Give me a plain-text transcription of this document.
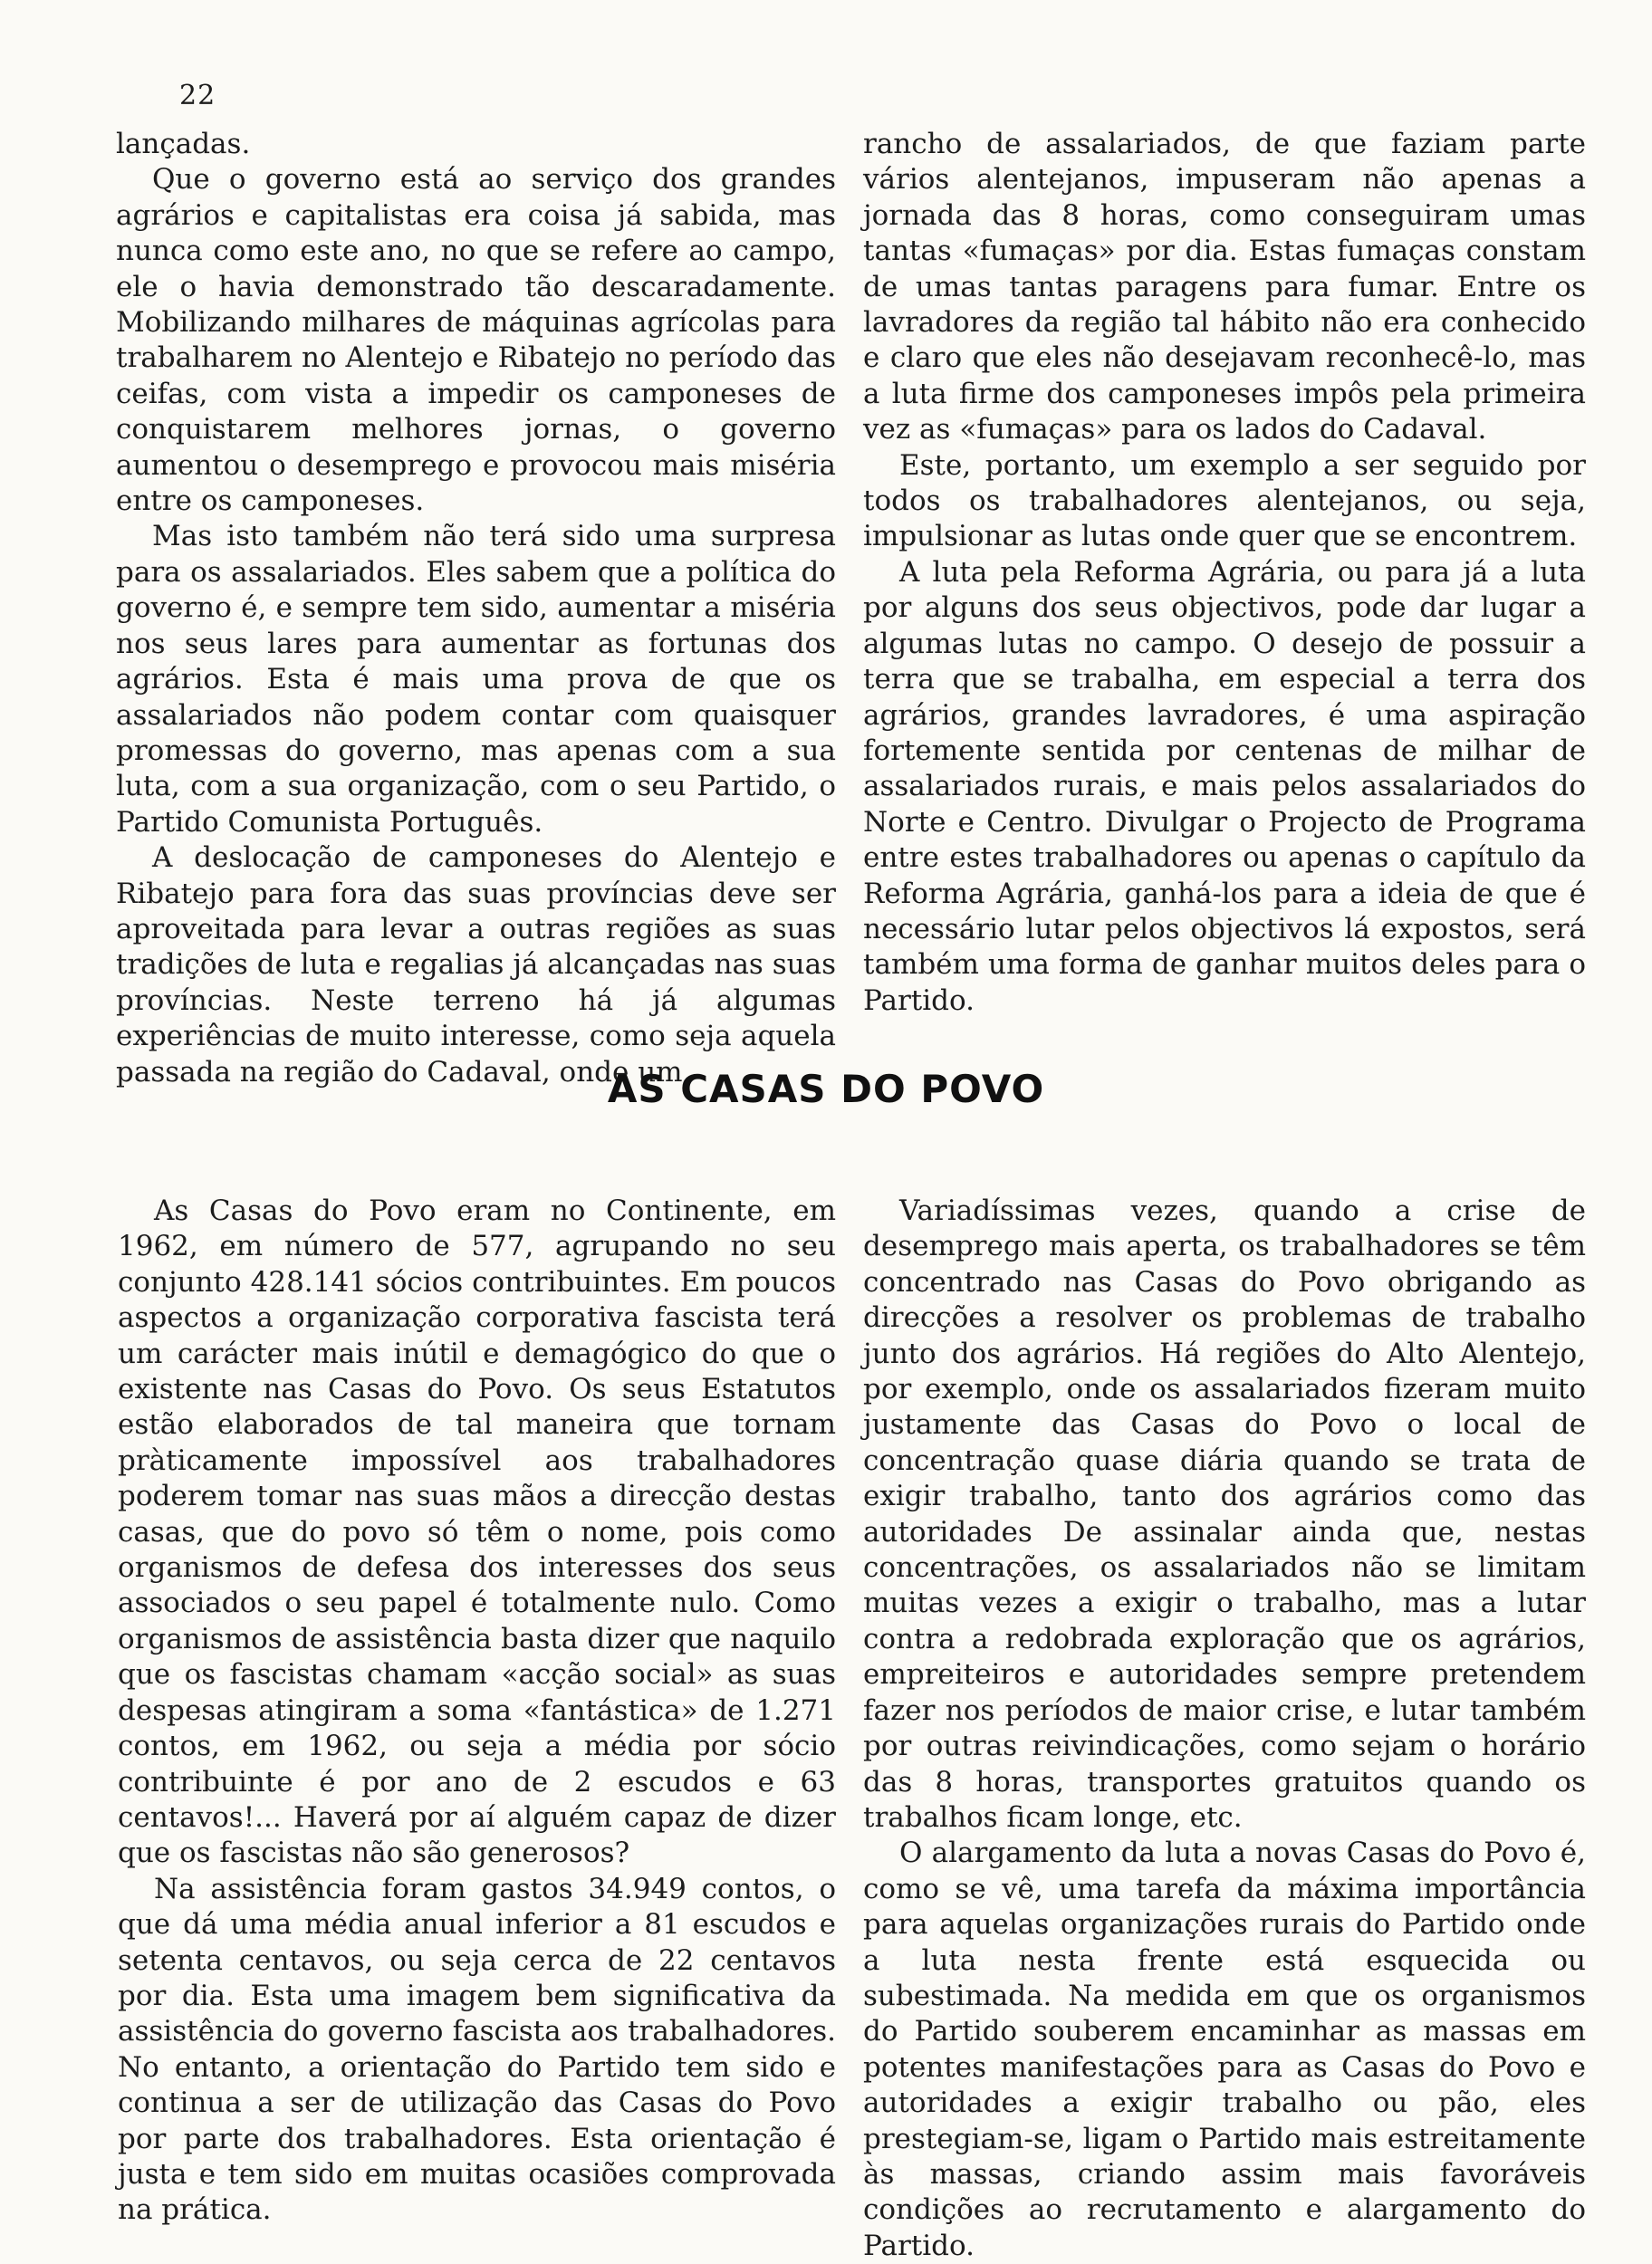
22

lançadas.

Que o governo está ao serviço dos grandes agrários e capitalistas era coisa já sabida, mas nunca como este ano, no que se refere ao campo, ele o havia demonstrado tão descaradamente. Mobilizando milhares de máquinas agrícolas para trabalharem no Alentejo e Ribatejo no período das ceifas, com vista a impedir os camponeses de conquistarem melhores jornas, o governo aumentou o desemprego e provocou mais miséria entre os camponeses.

Mas isto também não terá sido uma surpresa para os assalariados. Eles sabem que a política do governo é, e sempre tem sido, aumentar a miséria nos seus lares para aumentar as fortunas dos agrários. Esta é mais uma prova de que os assalariados não podem contar com quaisquer promessas do governo, mas apenas com a sua luta, com a sua organização, com o seu Partido, o Partido Comunista Português.

A deslocação de camponeses do Alentejo e Ribatejo para fora das suas províncias deve ser aproveitada para levar a outras regiões as suas tradições de luta e regalias já alcançadas nas suas províncias. Neste terreno há já algumas experiências de muito interesse, como seja aquela passada na região do Cadaval, onde um

rancho de assalariados, de que faziam parte vários alentejanos, impuseram não apenas a jornada das 8 horas, como conseguiram umas tantas «fumaças» por dia. Estas fumaças constam de umas tantas paragens para fumar. Entre os lavradores da região tal hábito não era conhecido e claro que eles não desejavam reconhecê-lo, mas a luta firme dos camponeses impôs pela primeira vez as «fumaças» para os lados do Cadaval.

Este, portanto, um exemplo a ser seguido por todos os trabalhadores alentejanos, ou seja, impulsionar as lutas onde quer que se encontrem.

A luta pela Reforma Agrária, ou para já a luta por alguns dos seus objectivos, pode dar lugar a algumas lutas no campo. O desejo de possuir a terra que se trabalha, em especial a terra dos agrários, grandes lavradores, é uma aspiração fortemente sentida por centenas de milhar de assalariados rurais, e mais pelos assalariados do Norte e Centro. Divulgar o Projecto de Programa entre estes trabalhadores ou apenas o capítulo da Reforma Agrária, ganhá-los para a ideia de que é necessário lutar pelos objectivos lá expostos, será também uma forma de ganhar muitos deles para o Partido.

AS CASAS DO POVO

As Casas do Povo eram no Continente, em 1962, em número de 577, agrupando no seu conjunto 428.141 sócios contribuintes. Em poucos aspectos a organização corporativa fascista terá um carácter mais inútil e demagógico do que o existente nas Casas do Povo. Os seus Estatutos estão elaborados de tal maneira que tornam pràticamente impossível aos trabalhadores poderem tomar nas suas mãos a direcção destas casas, que do povo só têm o nome, pois como organismos de defesa dos interesses dos seus associados o seu papel é totalmente nulo. Como organismos de assistência basta dizer que naquilo que os fascistas chamam «acção social» as suas despesas atingiram a soma «fantástica» de 1.271 contos, em 1962, ou seja a média por sócio contribuinte é por ano de 2 escudos e 63 centavos!... Haverá por aí alguém capaz de dizer que os fascistas não são generosos?

Na assistência foram gastos 34.949 contos, o que dá uma média anual inferior a 81 escudos e setenta centavos, ou seja cerca de 22 centavos por dia. Esta uma imagem bem significativa da assistência do governo fascista aos trabalhadores. No entanto, a orientação do Partido tem sido e continua a ser de utilização das Casas do Povo por parte dos trabalhadores. Esta orientação é justa e tem sido em muitas ocasiões comprovada na prática.

Variadíssimas vezes, quando a crise de desemprego mais aperta, os trabalhadores se têm concentrado nas Casas do Povo obrigando as direcções a resolver os problemas de trabalho junto dos agrários. Há regiões do Alto Alentejo, por exemplo, onde os assalariados fizeram muito justamente das Casas do Povo o local de concentração quase diária quando se trata de exigir trabalho, tanto dos agrários como das autoridades De assinalar ainda que, nestas concentrações, os assalariados não se limitam muitas vezes a exigir o trabalho, mas a lutar contra a redobrada exploração que os agrários, empreiteiros e autoridades sempre pretendem fazer nos períodos de maior crise, e lutar também por outras reivindicações, como sejam o horário das 8 horas, transportes gratuitos quando os trabalhos ficam longe, etc.

O alargamento da luta a novas Casas do Povo é, como se vê, uma tarefa da máxima importância para aquelas organizações rurais do Partido onde a luta nesta frente está esquecida ou subestimada. Na medida em que os organismos do Partido souberem encaminhar as massas em potentes manifestações para as Casas do Povo e autoridades a exigir trabalho ou pão, eles prestegiam-se, ligam o Partido mais estreitamente às massas, criando assim mais favoráveis condições ao recrutamento e alargamento do Partido.
